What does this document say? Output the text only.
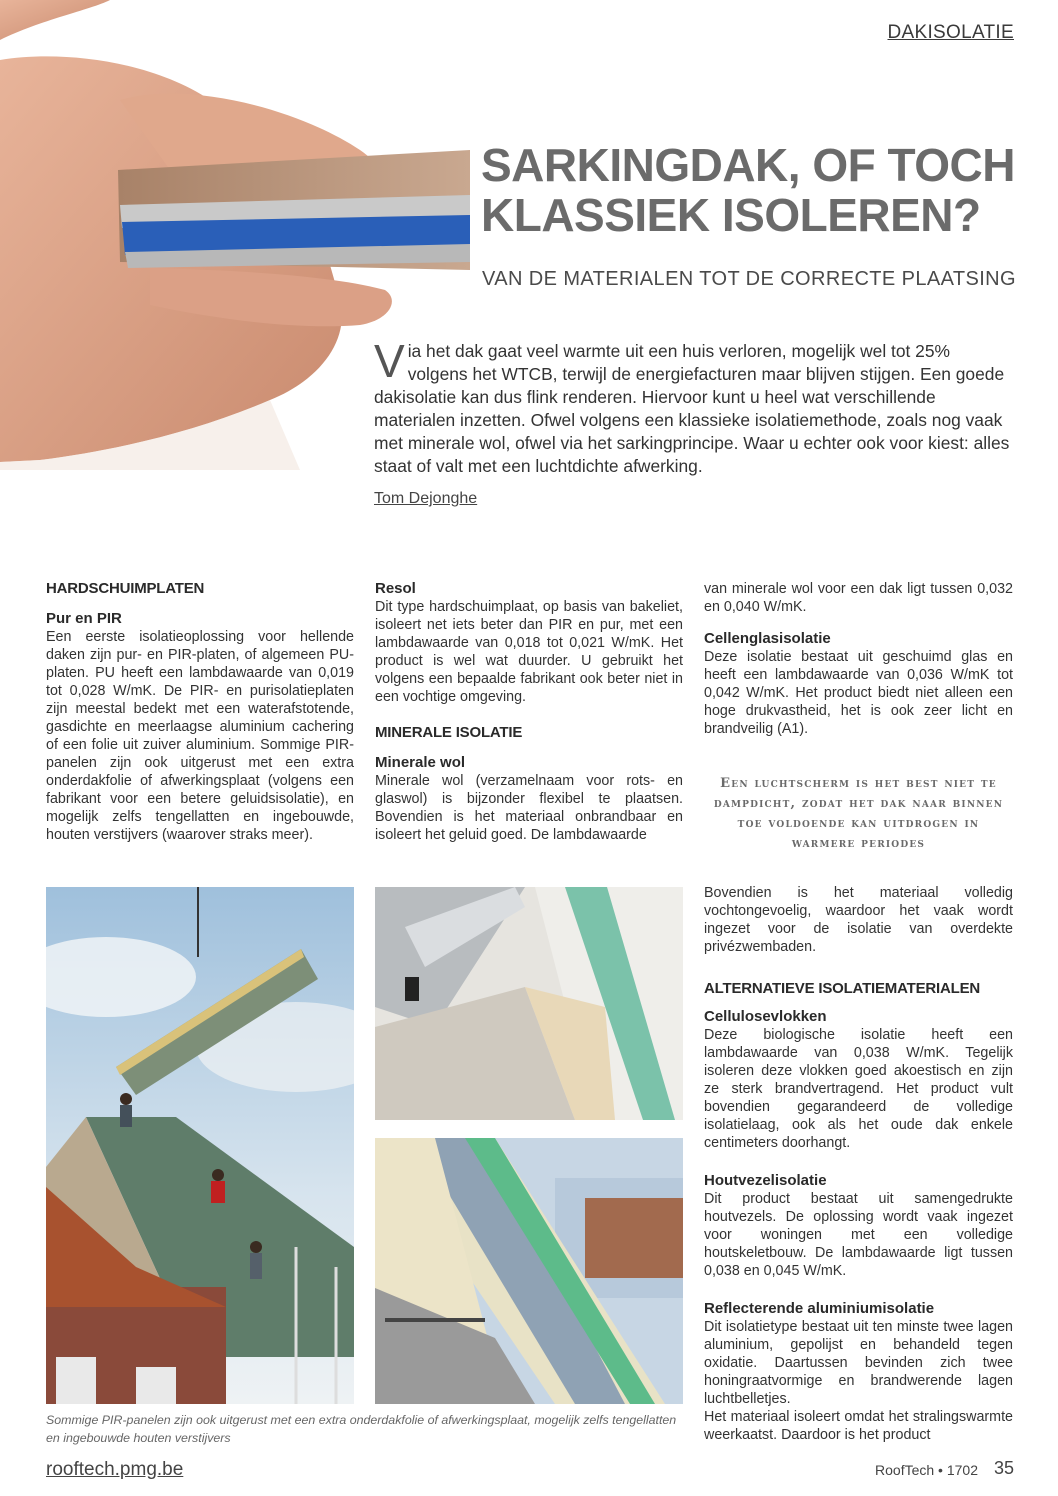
DAKISOLATIE
SARKINGDAK, OF TOCH KLASSIEK ISOLEREN?
VAN DE MATERIALEN TOT DE CORRECTE PLAATSING
Via het dak gaat veel warmte uit een huis verloren, mogelijk wel tot 25% volgens het WTCB, terwijl de energiefacturen maar blijven stijgen. Een goede dakisolatie kan dus flink renderen. Hiervoor kunt u heel wat verschillende materialen inzetten. Ofwel volgens een klassieke isolatiemethode, zoals nog vaak met minerale wol, ofwel via het sarkingprincipe. Waar u echter ook voor kiest: alles staat of valt met een luchtdichte afwerking.
Tom Dejonghe
HARDSCHUIMPLATEN
Pur en PIR

Een eerste isolatieoplossing voor hellende daken zijn pur- en PIR-platen, of algemeen PU-platen. PU heeft een lambdawaarde van 0,019 tot 0,028 W/mK. De PIR- en purisolatieplaten zijn meestal bedekt met een waterafstotende, gasdichte en meerlaagse aluminium cachering of een folie uit zuiver aluminium. Sommige PIR-panelen zijn ook uitgerust met een extra onderdakfolie of afwerkingsplaat (volgens een fabrikant voor een betere geluidsisolatie), en mogelijk zelfs tengellatten en ingebouwde, houten verstijvers (waarover straks meer).

Resol

Dit type hardschuimplaat, op basis van bakeliet, isoleert net iets beter dan PIR en pur, met een lambdawaarde van 0,018 tot 0,021 W/mK. Het product is wel wat duurder. U gebruikt het volgens een bepaalde fabrikant ook beter niet in een vochtige omgeving.

MINERALE ISOLATIE
Minerale wol

Minerale wol (verzamelnaam voor rots- en glaswol) is bijzonder flexibel te plaatsen. Bovendien is het materiaal onbrandbaar en isoleert het geluid goed. De lambdawaarde

van minerale wol voor een dak ligt tussen 0,032 en 0,040 W/mK.

Cellenglasisolatie

Deze isolatie bestaat uit geschuimd glas en heeft een lambdawaarde van 0,036 W/mK tot 0,042 W/mK. Het product biedt niet alleen een hoge drukvastheid, het is ook zeer licht en brandveilig (A1).

Een luchtscherm is het best niet te dampdicht, zodat het dak naar binnen toe voldoende kan uitdrogen in warmere periodes

Bovendien is het materiaal volledig vochtongevoelig, waardoor het vaak wordt ingezet voor de isolatie van overdekte privézwembaden.

ALTERNATIEVE ISOLATIEMATERIALEN
Cellulosevlokken

Deze biologische isolatie heeft een lambdawaarde van 0,038 W/mK. Tegelijk isoleren deze vlokken goed akoestisch en zijn ze sterk brandvertragend. Het product vult bovendien gegarandeerd de volledige isolatielaag, ook als het oude dak enkele centimeters doorhangt.

Houtvezelisolatie

Dit product bestaat uit samengedrukte houtvezels. De oplossing wordt vaak ingezet voor woningen met een volledige houtskeletbouw. De lambdawaarde ligt tussen 0,038 en 0,045 W/mK.

Reflecterende aluminiumisolatie

Dit isolatietype bestaat uit ten minste twee lagen aluminium, gepolijst en behandeld tegen oxidatie. Daartussen bevinden zich twee honingraatvormige en brandwerende lagen luchtbelletjes.

Het materiaal isoleert omdat het stralingswarmte weerkaatst. Daardoor is het product

Sommige PIR-panelen zijn ook uitgerust met een extra onderdakfolie of afwerkingsplaat, mogelijk zelfs tengellatten en ingebouwde houten verstijvers
rooftech.pmg.be	RoofTech • 1702 35
